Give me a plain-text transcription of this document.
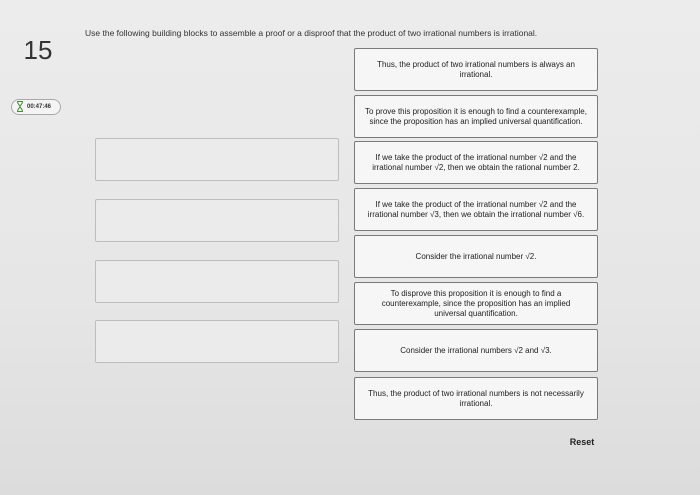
15
00:47:46
Use the following building blocks to assemble a proof or a disproof that the product of two irrational numbers is irrational.
Thus, the product of two irrational numbers is always an irrational.
To prove this proposition it is enough to find a counterexample, since the proposition has an implied universal quantification.
If we take the product of the irrational number √2 and the irrational number √2, then we obtain the rational number 2.
If we take the product of the irrational number √2 and the irrational number √3, then we obtain the irrational number √6.
Consider the irrational number √2.
To disprove this proposition it is enough to find a counterexample, since the proposition has an implied universal quantification.
Consider the irrational numbers √2 and √3.
Thus, the product of two irrational numbers is not necessarily irrational.
Reset
